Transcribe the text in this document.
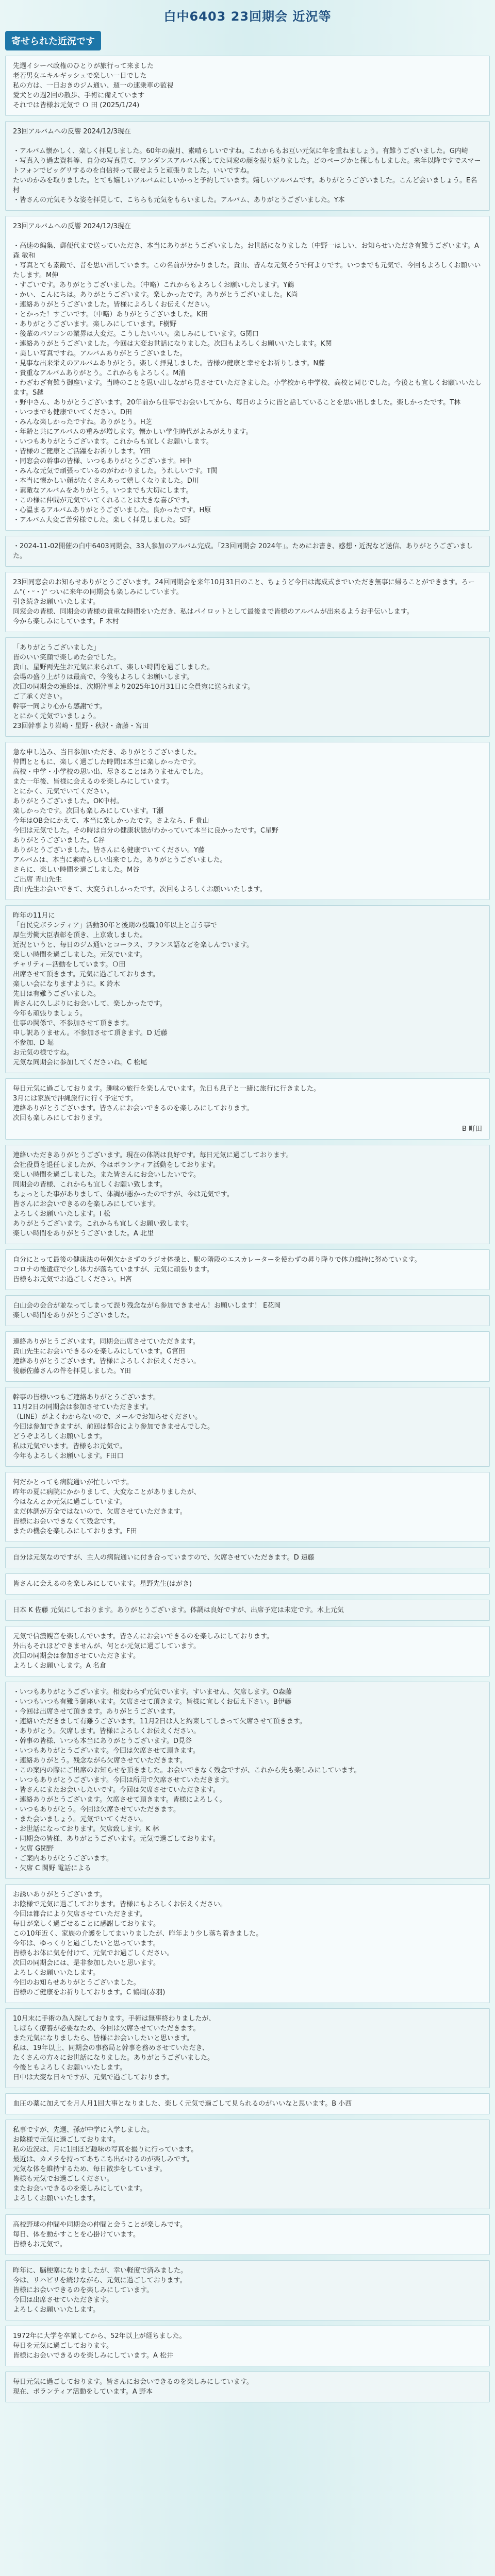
白中6403 23回期会 近況等
寄せられた近況です

先週イシーベ政権のひとりが旅行って来ました

老若男女エキルギッシュで楽しい一日でした

私の方は、一日おきのジム通い、週一の速乗車の監視

愛犬との週2回の散歩、手術に備えています

それでは皆様お元気で Ｏ 田 (2025/1/24)

23回アルバムへの反響 2024/12/3現在

・アルバム懐かしく、楽しく拝見しました。60年の歳月、素晴らしいですね。これからもお互い元気に年を重ねましょう。有難うございました。G内崎

・写真入り過去資料等、自分の写真見て、ワンダンスアルバム探してた同窓の顔を振り返りました。どのページかと探しもしました。来年以降ですでスマートフォンでビッグリするのを自信持って載せようと頑張りました。いいですね。

たいのかみを取りました。とても嬉しいアルバムにしいかっと予約しています。嬉しいアルバムです。ありがとうございました。こんど会いましょう。E名村

・皆さんの元気そうな姿を拝見して、こちらも元気をもらいました。アルバム、ありがとうございました。Y本

23回アルバムへの反響 2024/12/3現在

・高速の編集、郵便代まで送っていただき、本当にありがとうございました。お世話になりました（中野一はしい、お知らせいただき有難うございます。A森 敏和

・写真とても素敵で、昔を思い出しています。この名前が分かりました。貴山、皆んな元気そうで何よりです。いつまでも元気で、今回もよろしくお願いいたします。M伸

・すごいです。ありがとうございました。（中略）これからもよろしくお願いしたします。Y鶴

・かい、こんにちは。ありがとうございます。楽しかったです。ありがとうございました。K尚

・連絡ありがとうございました。皆様によろしくお伝えください。

・とかった！すごいです。（中略）ありがとうございました。K田

・ありがとうございます。楽しみにしています。F樹野

・後輩のパソコンの業界は大変だ。こうしたいいい。楽しみにしています。G関口

・連絡ありがとうございました。今回は大変お世話になりました。次回もよろしくお願いいたします。K関

・美しい写真ですね。アルバムありがとうございました。

・見事な出来栄えのアルバムありがとう。楽しく拝見しました。皆様の健康と幸せをお祈りします。N藤

・貴重なアルバムありがとう。これからもよろしく。M浦

・わざわざ有難う御座います。当時のことを思い出しながら見させていただきました。小学校から中学校、高校と同じでした。今後とも宜しくお願いいたします。S越

・野中さん、ありがとうございます。20年前から仕事でお会いしてから、毎日のように皆と話していることを思い出しました。楽しかったです。T林

・いつまでも健康でいてください。D田

・みんな楽しかったですね。ありがとう。H芝

・年齢と共にアルバムの重みが増します。懐かしい学生時代がよみがえります。

・いつもありがとうございます。これからも宜しくお願いします。

・皆様のご健康とご活躍をお祈りします。Y田

・同窓会の幹事の皆様、いつもありがとうございます。H中

・みんな元気で頑張っているのがわかりました。うれしいです。T関

・本当に懐かしい顔がたくさんあって嬉しくなりました。D川

・素敵なアルバムをありがとう。いつまでも大切にします。

・この様に仲間が元気でいてくれることは大きな喜びです。

・心温まるアルバムありがとうございました。良かったです。H原

・アルバム大変ご苦労様でした。楽しく拝見しました。S野

・2024-11-02開催の白中6403同期会、33人参加のアルバム完成。「23回同期会 2024年」。ためにお書き、感想・近況など送信、ありがとうございました。

23回同窓会のお知らせありがとうございます。24回同期会を来年10月31日のこと、ちょうど今日は海成式までいただき無事に帰ることができます。ろーム"(・ᵕ・)" ついに来年の同期会も楽しみにしています。

引き続きお願いいたします。

同窓会の皆様、同期会の皆様の貴重な時間をいただき、私はパイロットとして最後まで皆様のアルバムが出来るようお手伝いします。

今から楽しみにしています。F 木村

「ありがとうございました」

皆のいい笑顔で楽しめた会でした。

貴山、星野両先生お元気に来られて、楽しい時間を過ごしました。

会場の盛り上がりは最高で、今後もよろしくお願いします。

次回の同期会の連絡は、次期幹事より2025年10月31日に全員宛に送られます。

ご了承ください。

幹事一同より心から感謝です。

とにかく元気でいましょう。

23回幹事より岩崎・星野・秋沢・斎藤・宮田

急な申し込み、当日参加いただき、ありがとうございました。

仲間とともに、楽しく過ごした時間は本当に楽しかったです。

高校・中学・小学校の思い出、尽きることはありませんでした。

また一年後、皆様に会えるのを楽しみにしています。

とにかく、元気でいてください。

ありがとうございました。OK中村。

楽しかったです。次回も楽しみにしています。T瀬

今年はOB会にかえて、本当に楽しかったです。さよなら、F 貴山

今回は元気でした。その時は自分の健康状態がわかっていて本当に良かったです。C星野

ありがとうございました。C谷

ありがとうございました。皆さんにも健康でいてください。Y藤

アルバムは、本当に素晴らしい出来でした。ありがとうございました。

さらに、楽しい時間を過ごしました。M谷

ご出席 青山先生

貴山先生お会いできて、大変うれしかったです。次回もよろしくお願いいたします。

昨年の11月に

「自民党ボランティア」活動30年と後期の役職10年以上と言う事で

厚生労働大臣表彰を頂き、上京致しました。

近況というと、毎日のジム通いとコーラス、フランス語などを楽しんでいます。

楽しい時間を過ごしました。元気でいます。

チャリティー活動をしています。Ｏ田

出席させて頂きます。元気に過ごしております。

楽しい会になりますように。K 鈴木

先日は有難うございました。

皆さんに久しぶりにお会いして、楽しかったです。

今年も頑張りましょう。

仕事の関係で、不参加させて頂きます。

申し訳ありません。不参加させて頂きます。D 近藤

不参加、D 堀

お元気の様ですね。

元気な同期会に参加してくださいね。C 松尾

毎日元気に過ごしております。趣味の旅行を楽しんでいます。先日も息子と一緒に旅行に行きました。

3月には家族で沖縄旅行に行く予定です。

連絡ありがとうございます。皆さんにお会いできるのを楽しみにしております。

次回も楽しみにしております。

B 町田

連絡いただきありがとうございます。現在の体調は良好です。毎日元気に過ごしております。

会社役員を退任しましたが、今はボランティア活動をしております。

楽しい時間を過ごしました。また皆さんにお会いしたいです。

同期会の皆様、これからも宜しくお願い致します。

ちょっとした事がありまして、体調が悪かったのですが、今は元気です。

皆さんにお会いできるのを楽しみにしています。

よろしくお願いいたします。I 松

ありがとうございます。これからも宜しくお願い致します。

楽しい時間をありがとうございました。A 北里

自分にとって最後の健康法の毎朝欠かさずのラジオ体操と、駅の階段のエスカレーターを使わずの昇り降りで体力維持に努めています。

コロナの後遺症で少し体力が落ちていますが、元気に頑張ります。

皆様もお元気でお過ごしください。H宮

白山会の会合が並なってしまって誤り残念ながら参加できません！お願いします！ E花岡

楽しい時間をありがとうございました。

連絡ありがとうございます。同期会出席させていただきます。

貴山先生にお会いできるのを楽しみにしています。G宮田

連絡ありがとうございます。皆様によろしくお伝えください。

後藤佐藤さんの件を拝見しました。Y田

幹事の皆様いつもご連絡ありがとうございます。

11月2日の同期会は参加させていただきます。

（LINE）がよくわからないので、メールでお知らせください。

今回は参加できますが、前回は都合により参加できませんでした。

どうぞよろしくお願いします。

私は元気でいます。皆様もお元気で。

今年もよろしくお願いします。F田口

何だかとっても病院通いが忙しいです。

昨年の夏に病院にかかりまして、大変なことがありましたが、

今はなんとか元気に過ごしています。

まだ体調が万全ではないので、欠席させていただきます。

皆様にお会いできなくて残念です。

またの機会を楽しみにしております。F田

自分は元気なのですが、主人の病院通いに付き合っていますので、欠席させていただきます。D 遠藤

皆さんに会えるのを楽しみにしています。星野先生(はがき)

日本 K 佐藤 元気にしております。ありがとうございます。体調は良好ですが、出席予定は未定です。木上元気

元気で信濃観音を楽しんでいます。皆さんにお会いできるのを楽しみにしております。

外出もそれほどできませんが、何とか元気に過ごしています。

次回の同期会は参加させていただきます。

よろしくお願いします。A 名倉

・いつもありがとうございます。相変わらず元気でいます。すいません、欠席します。O森藤

・いつもいつも有難う御座います。欠席させて頂きます。皆様に宜しくお伝え下さい。B伊藤

・今回は出席させて頂きます。ありがとうございます。

・連絡いただきまして有難うございます。11月2日は人と約束してしまって欠席させて頂きます。

・ありがとう。欠席します。皆様によろしくお伝えください。

・幹事の皆様、いつも本当にありがとうございます。D見谷

・いつもありがとうございます。今回は欠席させて頂きます。

・連絡ありがとう。残念ながら欠席させていただきます。

・この案内の際にご出席のお知らせを頂きました。お会いできなく残念ですが、これから先も楽しみにしています。

・いつもありがとうございます。今回は所用で欠席させていただきます。

・皆さんにまたお会いしたいです。今回は欠席させていただきます。

・連絡ありがとうございます。欠席させて頂きます。皆様によろしく。

・いつもありがとう。今回は欠席させていただきます。

・また会いましょう。元気でいてください。

・お世話になっております。欠席致します。K 林

・同期会の皆様、ありがとうございます。元気で過ごしております。

・欠席 G関野

・ご案内ありがとうございます。

・欠席 C 関野 電話による

お誘いありがとうございます。

お陰様で元気に過ごしております。皆様にもよろしくお伝えください。

今回は都合により欠席させていただきます。

毎日が楽しく過ごせることに感謝しております。

この10年近く、家族の介護をしてまいりましたが、昨年より少し落ち着きました。

今年は、ゆっくりと過ごしたいと思っています。

皆様もお体に気を付けて、元気でお過ごしください。

次回の同期会には、是非参加したいと思います。

よろしくお願いいたします。

今回のお知らせありがとうございました。

皆様のご健康をお祈りしております。C 鶴岡(赤羽)

10月末に手術の為入院しております。手術は無事終わりましたが、

しばらく療養が必要なため、今回は欠席させていただきます。

また元気になりましたら、皆様にお会いしたいと思います。

私は、19年以上、同期会の事務局と幹事を務めさせていただき、

たくさんの方々にお世話になりました。ありがとうございました。

今後ともよろしくお願いいたします。

日中は大変な日々ですが、元気で過ごしております。

血圧の薬に加えてを月人月1回大事となりました、楽しく元気で過ごして見られるのがいいなと思います。B 小西

私事ですが、先週、孫が中学に入学しました。

お陰様で元気に過ごしております。

私の近況は、月に1回ほど趣味の写真を撮りに行っています。

最近は、カメラを持ってあちこち出かけるのが楽しみです。

元気な体を維持するため、毎日散歩をしています。

皆様も元気でお過ごしください。

またお会いできるのを楽しみにしています。

よろしくお願いいたします。

高校野球の仲間や同期会の仲間と会うことが楽しみです。

毎日、体を動かすことを心掛けています。

皆様もお元気で。

昨年に、脳梗塞になりましたが、幸い軽度で済みました。

今は、リハビリを続けながら、元気に過ごしております。

皆様にお会いできるのを楽しみにしています。

今回は出席させていただきます。

よろしくお願いいたします。

1972年に大学を卒業してから、52年以上が経ちました。

毎日を元気に過ごしております。

皆様にお会いできるのを楽しみにしています。A 松井

毎日元気に過ごしております。皆さんにお会いできるのを楽しみにしています。

現在、ボランティア活動をしています。A 野本
